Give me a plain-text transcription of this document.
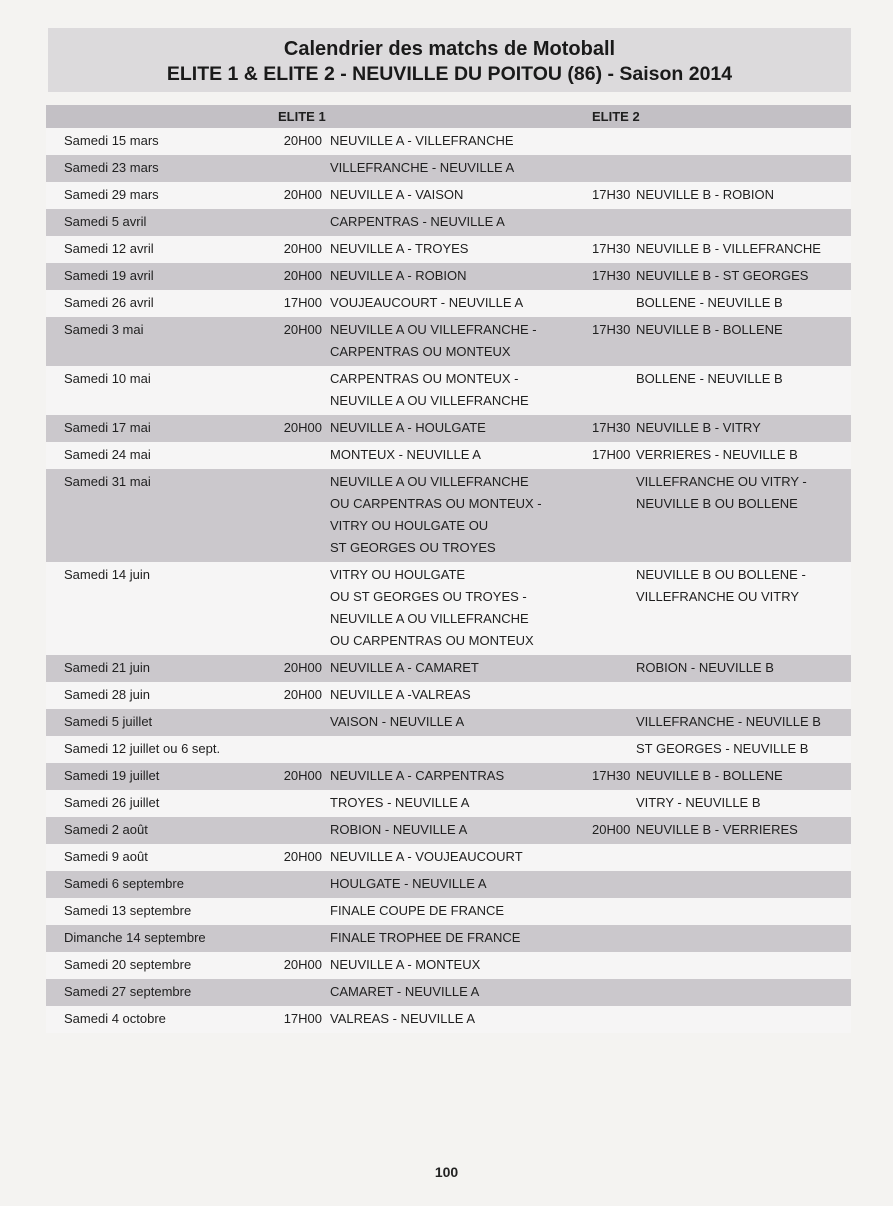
Calendrier des matchs de Motoball
ELITE 1 & ELITE 2 - NEUVILLE DU POITOU (86) - Saison 2014
	ELITE 1		ELITE 2	
Samedi 15 mars	20H00	NEUVILLE A - VILLEFRANCHE		
Samedi 23 mars		VILLEFRANCHE - NEUVILLE A		
Samedi 29 mars	20H00	NEUVILLE A - VAISON	17H30	NEUVILLE B - ROBION
Samedi 5 avril		CARPENTRAS - NEUVILLE A		
Samedi 12 avril	20H00	NEUVILLE A - TROYES	17H30	NEUVILLE B - VILLEFRANCHE
Samedi 19 avril	20H00	NEUVILLE A - ROBION	17H30	NEUVILLE B - ST GEORGES
Samedi 26 avril	17H00	VOUJEAUCOURT - NEUVILLE A		BOLLENE - NEUVILLE B
Samedi 3 mai	20H00	NEUVILLE A OU VILLEFRANCHE -
CARPENTRAS OU MONTEUX	17H30	NEUVILLE B - BOLLENE
Samedi 10 mai		CARPENTRAS OU MONTEUX -
NEUVILLE A OU VILLEFRANCHE		BOLLENE - NEUVILLE B
Samedi 17 mai	20H00	NEUVILLE A - HOULGATE	17H30	NEUVILLE B - VITRY
Samedi 24 mai		MONTEUX - NEUVILLE A	17H00	VERRIERES - NEUVILLE B
Samedi 31 mai		NEUVILLE A OU VILLEFRANCHE
OU CARPENTRAS OU MONTEUX -
VITRY OU HOULGATE OU
ST GEORGES OU TROYES		VILLEFRANCHE OU VITRY -
NEUVILLE B OU BOLLENE
Samedi 14 juin		VITRY OU HOULGATE
OU ST GEORGES OU TROYES -
NEUVILLE A OU VILLEFRANCHE
OU CARPENTRAS OU MONTEUX		NEUVILLE B OU BOLLENE -
VILLEFRANCHE OU VITRY
Samedi 21 juin	20H00	NEUVILLE A - CAMARET		ROBION - NEUVILLE B
Samedi 28 juin	20H00	NEUVILLE A -VALREAS		
Samedi 5 juillet		VAISON - NEUVILLE A		VILLEFRANCHE - NEUVILLE B
Samedi 12 juillet ou 6 sept.				ST GEORGES - NEUVILLE B
Samedi 19 juillet	20H00	NEUVILLE A - CARPENTRAS	17H30	NEUVILLE B - BOLLENE
Samedi 26 juillet		TROYES - NEUVILLE A		VITRY - NEUVILLE B
Samedi 2 août		ROBION - NEUVILLE A	20H00	NEUVILLE B - VERRIERES
Samedi 9 août	20H00	NEUVILLE A - VOUJEAUCOURT		
Samedi 6 septembre		HOULGATE - NEUVILLE A		
Samedi 13 septembre		FINALE COUPE DE FRANCE		
Dimanche 14 septembre		FINALE TROPHEE DE FRANCE		
Samedi 20 septembre	20H00	NEUVILLE A - MONTEUX		
Samedi 27 septembre		CAMARET - NEUVILLE A		
Samedi 4 octobre	17H00	VALREAS - NEUVILLE A		
100
